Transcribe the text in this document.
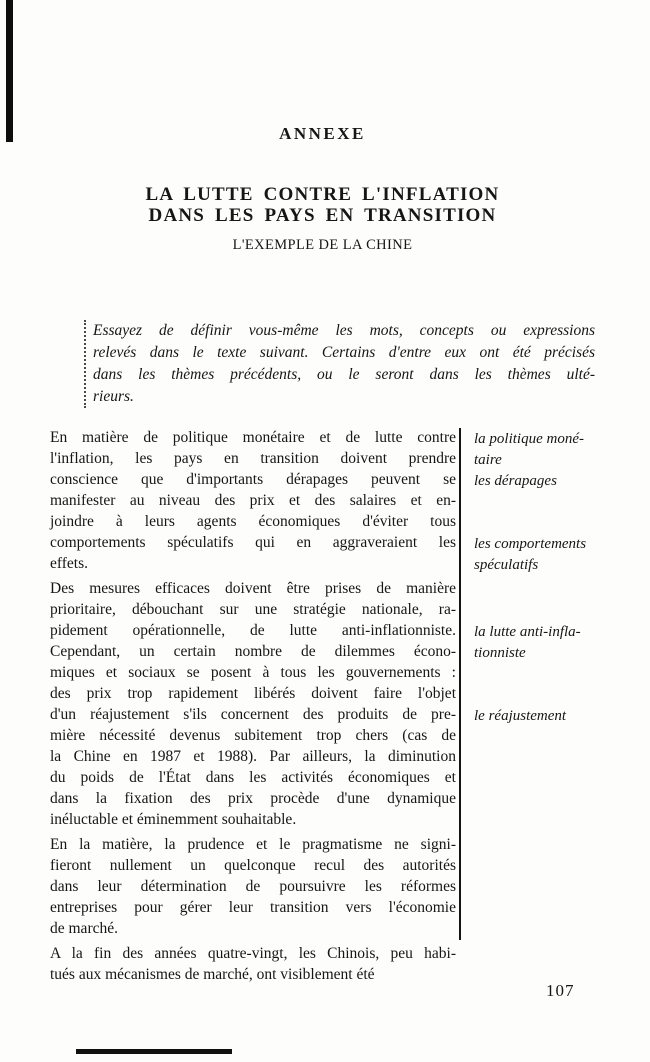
ANNEXE
LA LUTTE CONTRE L'INFLATION
DANS LES PAYS EN TRANSITION
L'EXEMPLE DE LA CHINE
Essayez de définir vous-même les mots, concepts ou expressions
relevés dans le texte suivant. Certains d'entre eux ont été précisés
dans les thèmes précédents, ou le seront dans les thèmes ulté-
rieurs.
En matière de politique monétaire et de lutte contre
l'inflation, les pays en transition doivent prendre
conscience que d'importants dérapages peuvent se
manifester au niveau des prix et des salaires et en-
joindre à leurs agents économiques d'éviter tous
comportements spéculatifs qui en aggraveraient les
effets.
Des mesures efficaces doivent être prises de manière
prioritaire, débouchant sur une stratégie nationale, ra-
pidement opérationnelle, de lutte anti-inflationniste.
Cependant, un certain nombre de dilemmes écono-
miques et sociaux se posent à tous les gouvernements :
des prix trop rapidement libérés doivent faire l'objet
d'un réajustement s'ils concernent des produits de pre-
mière nécessité devenus subitement trop chers (cas de
la Chine en 1987 et 1988). Par ailleurs, la diminution
du poids de l'État dans les activités économiques et
dans la fixation des prix procède d'une dynamique
inéluctable et éminemment souhaitable.
En la matière, la prudence et le pragmatisme ne signi-
fieront nullement un quelconque recul des autorités
dans leur détermination de poursuivre les réformes
entreprises pour gérer leur transition vers l'économie
de marché.
A la fin des années quatre-vingt, les Chinois, peu habi-
tués aux mécanismes de marché, ont visiblement été
la politique moné-
taire
les dérapages
les comportements
spéculatifs
la lutte anti-infla-
tionniste
le réajustement
107
